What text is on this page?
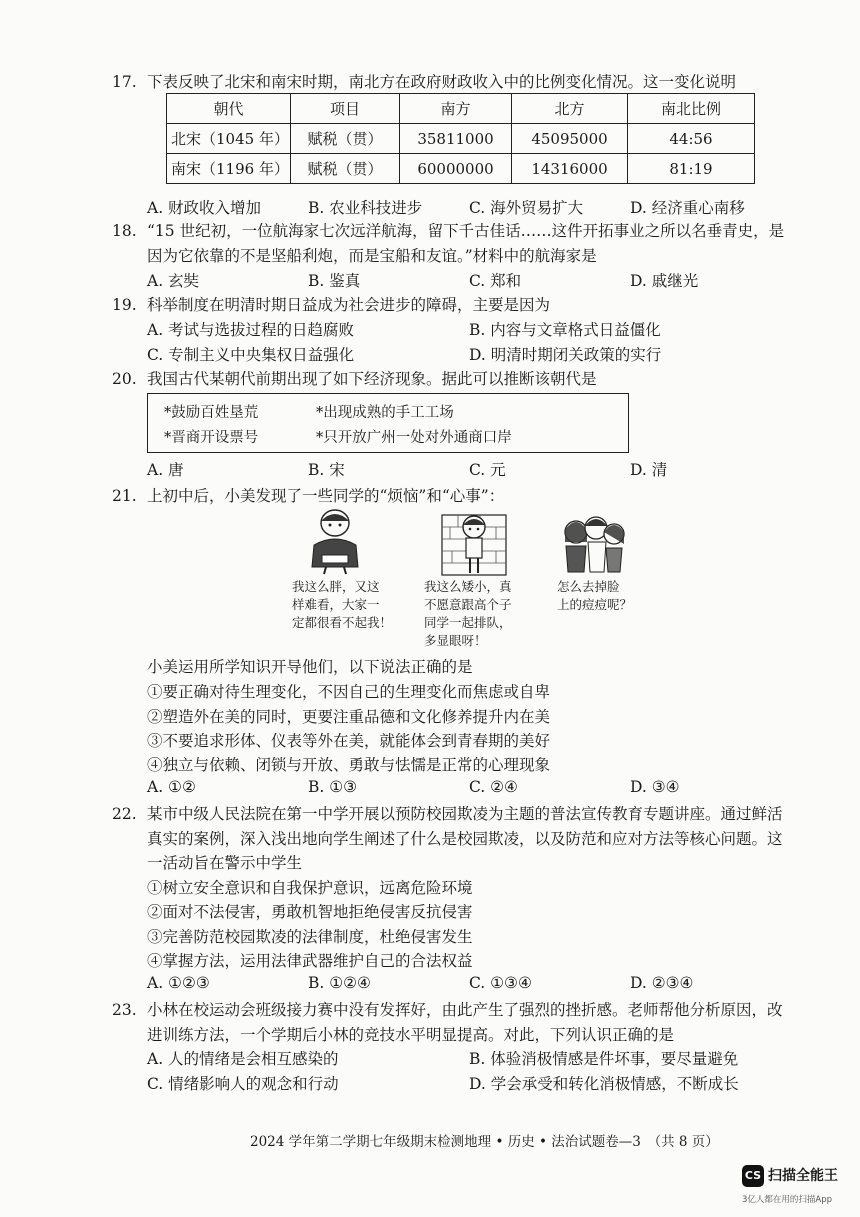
17. 下表反映了北宋和南宋时期，南北方在政府财政收入中的比例变化情况。这一变化说明
朝代	项目	南方	北方	南北比例
北宋（1045 年）	赋税（贯）	35811000	45095000	44:56
南宋（1196 年）	赋税（贯）	60000000	14316000	81:19
A. 财政收入增加	B. 农业科技进步	C. 海外贸易扩大	D. 经济重心南移
18. “15 世纪初，一位航海家七次远洋航海，留下千古佳话……这件开拓事业之所以名垂青史，是
因为它依靠的不是坚船利炮，而是宝船和友谊。”材料中的航海家是
A. 玄奘	B. 鉴真	C. 郑和	D. 戚继光
19. 科举制度在明清时期日益成为社会进步的障碍，主要是因为
A. 考试与选拔过程的日趋腐败	B. 内容与文章格式日益僵化
C. 专制主义中央集权日益强化	D. 明清时期闭关政策的实行
20. 我国古代某朝代前期出现了如下经济现象。据此可以推断该朝代是
*鼓励百姓垦荒	*出现成熟的手工工场
*晋商开设票号	*只开放广州一处对外通商口岸
A. 唐	B. 宋	C. 元	D. 清
21. 上初中后，小美发现了一些同学的“烦恼”和“心事”：
我这么胖，又这
样难看，大家一
定都很看不起我！
我这么矮小，真
不愿意跟高个子
同学一起排队，
多显眼呀！
怎么去掉脸
上的痘痘呢？
小美运用所学知识开导他们，以下说法正确的是
①要正确对待生理变化，不因自己的生理变化而焦虑或自卑
②塑造外在美的同时，更要注重品德和文化修养提升内在美
③不要追求形体、仪表等外在美，就能体会到青春期的美好
④独立与依赖、闭锁与开放、勇敢与怯懦是正常的心理现象
A. ①②	B. ①③	C. ②④	D. ③④
22. 某市中级人民法院在第一中学开展以预防校园欺凌为主题的普法宣传教育专题讲座。通过鲜活
真实的案例，深入浅出地向学生阐述了什么是校园欺凌，以及防范和应对方法等核心问题。这
一活动旨在警示中学生
①树立安全意识和自我保护意识，远离危险环境
②面对不法侵害，勇敢机智地拒绝侵害反抗侵害
③完善防范校园欺凌的法律制度，杜绝侵害发生
④掌握方法，运用法律武器维护自己的合法权益
A. ①②③	B. ①②④	C. ①③④	D. ②③④
23. 小林在校运动会班级接力赛中没有发挥好，由此产生了强烈的挫折感。老师帮他分析原因，改
进训练方法，一个学期后小林的竞技水平明显提高。对此，下列认识正确的是
A. 人的情绪是会相互感染的	B. 体验消极情感是件坏事，要尽量避免
C. 情绪影响人的观念和行动	D. 学会承受和转化消极情感，不断成长
2024 学年第二学期七年级期末检测地理 • 历史 • 法治试题卷—3　（共 8 页）
CS 扫描全能王
3亿人都在用的扫描App
